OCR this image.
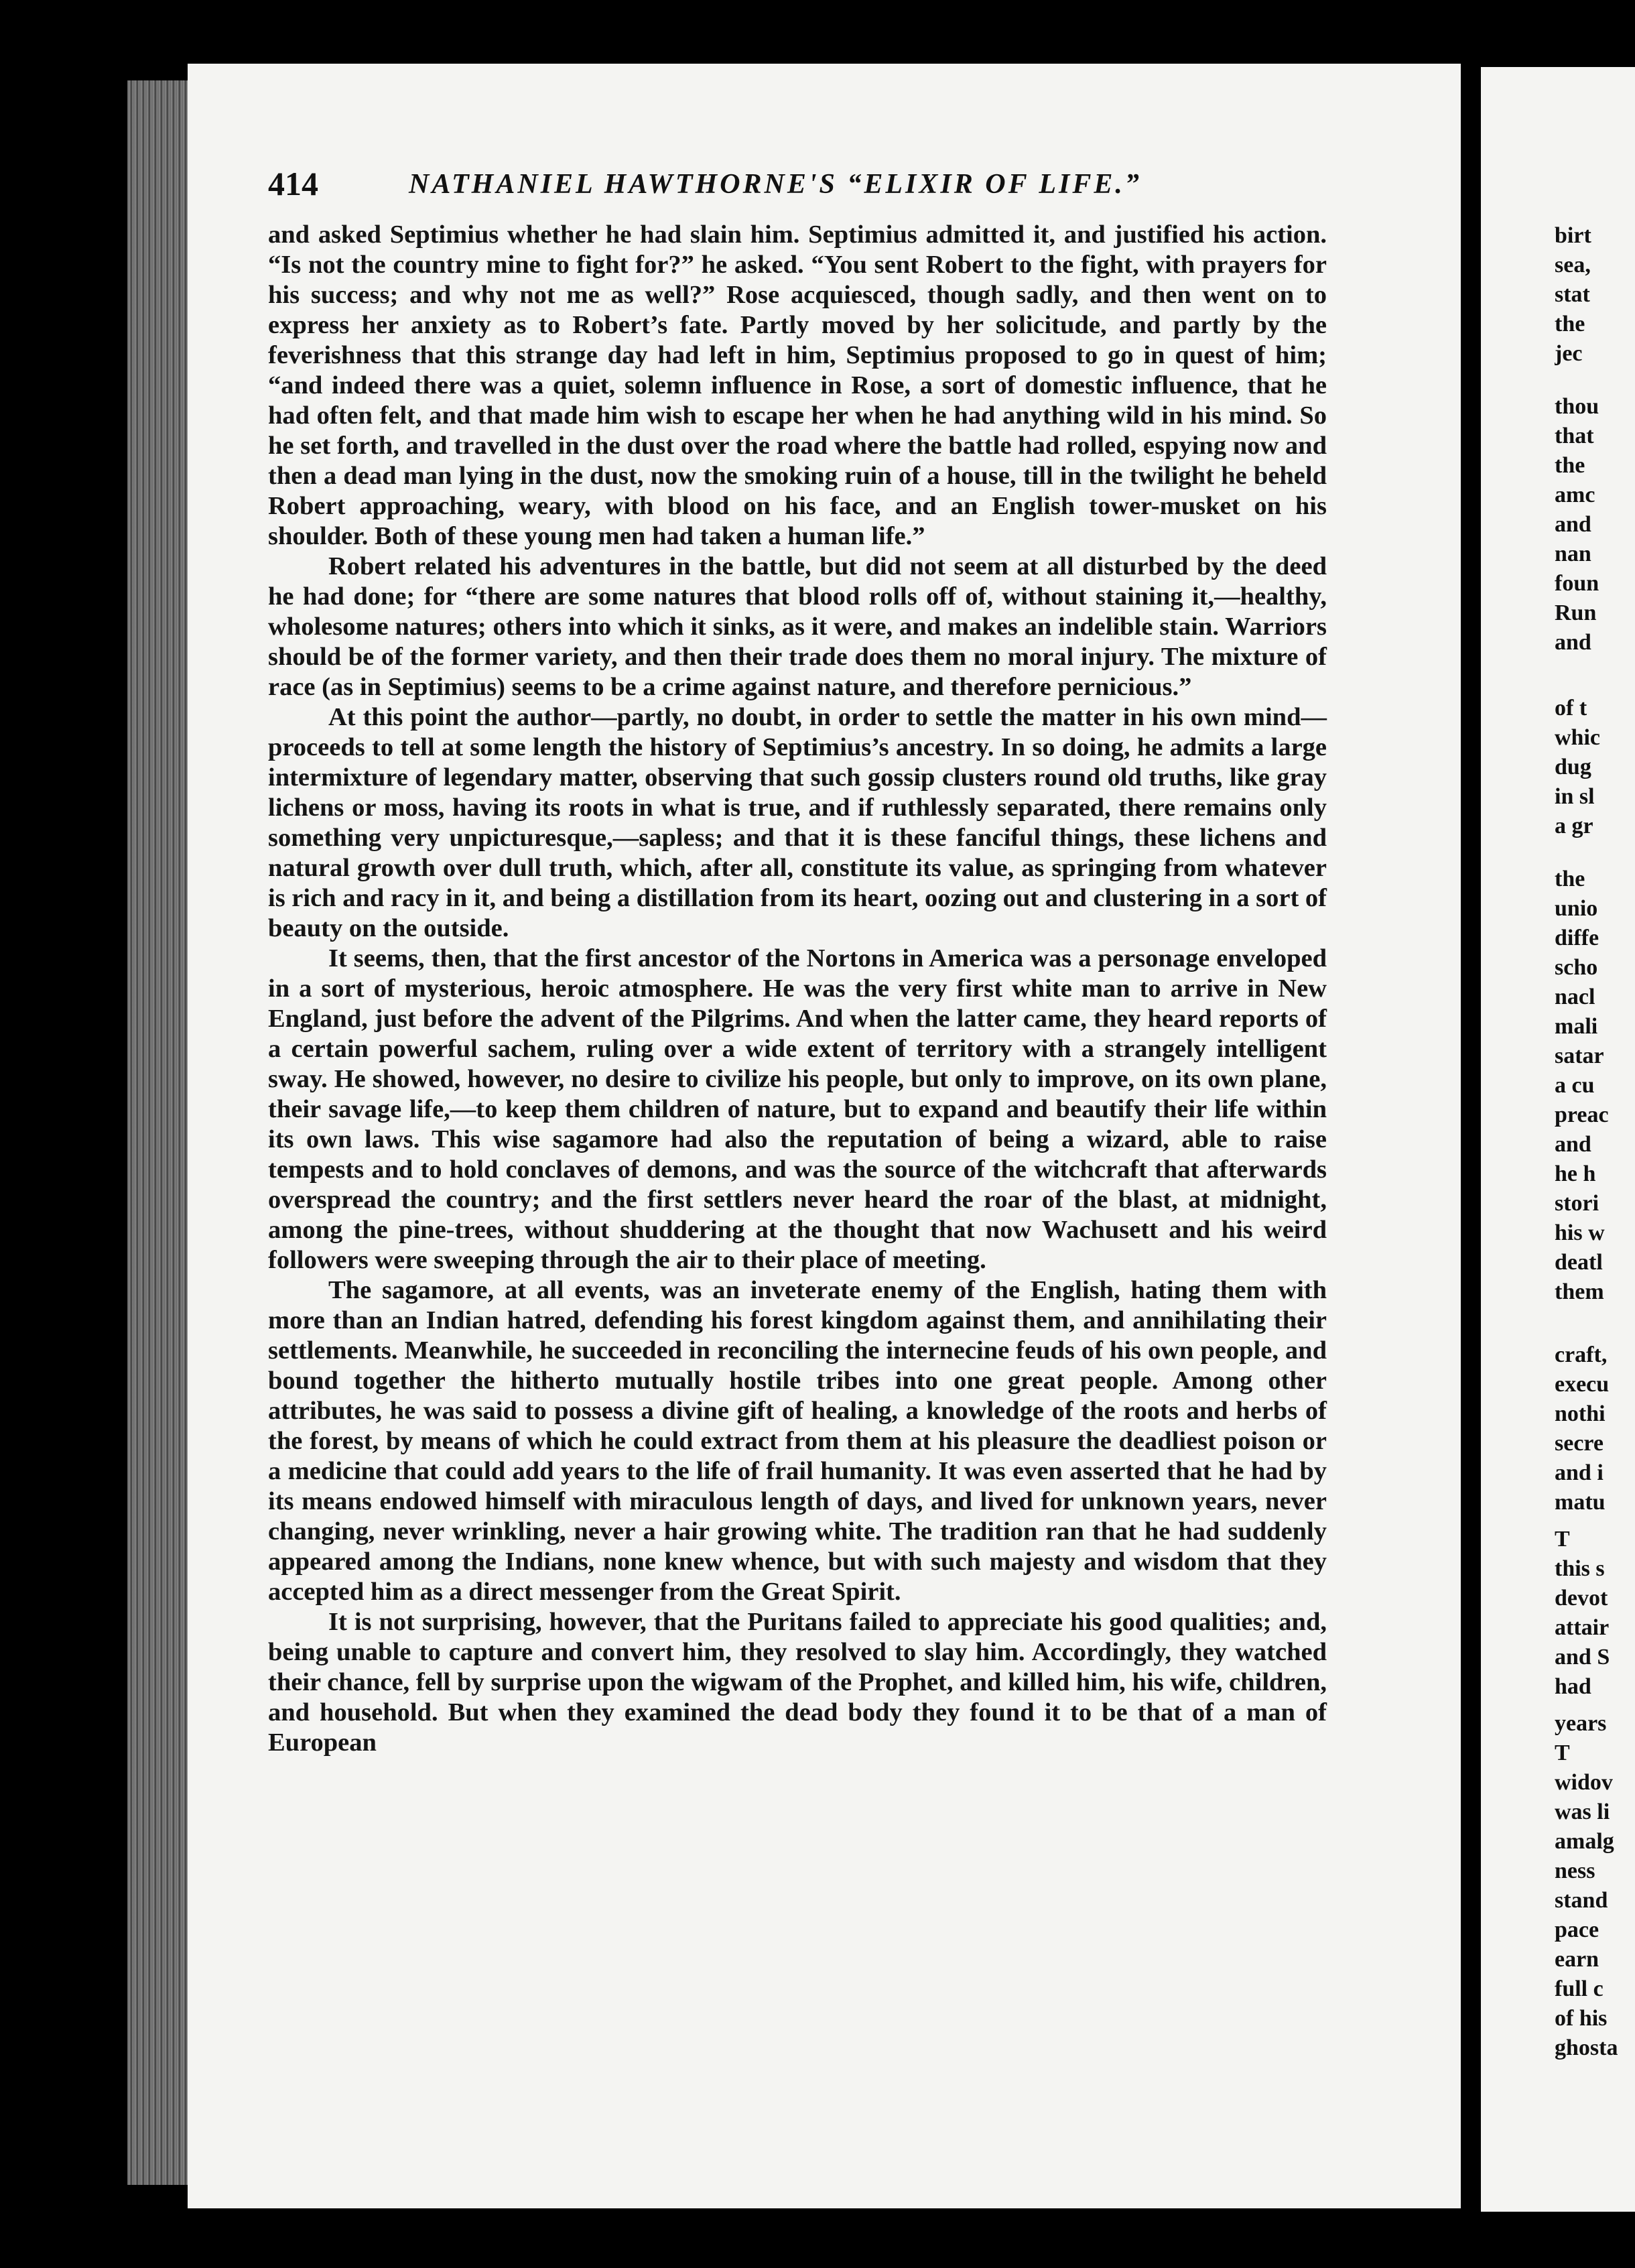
birt
sea,
stat
the
jec
thou
that
the
amc
and
nan
foun
Run
and
of t
whic
dug
in sl
a gr
the
unio
diffe
scho
nacl
mali
satar
a cu
preac
and
he h
stori
his w
deatl
them
craft,
execu
nothi
secre
and i
matu
T
this s
devot
attair
and S
had
years
T
widov
was li
amalg
ness
stand
pace
earn
full c
of his
ghosta
414	NATHANIEL HAWTHORNE'S “ELIXIR OF LIFE.”

and asked Septimius whether he had slain him. Septimius admitted it, and justified his action. “Is not the country mine to fight for?” he asked. “You sent Robert to the fight, with prayers for his success; and why not me as well?” Rose acquiesced, though sadly, and then went on to express her anxiety as to Robert’s fate. Partly moved by her solicitude, and partly by the feverishness that this strange day had left in him, Septimius proposed to go in quest of him; “and indeed there was a quiet, solemn influence in Rose, a sort of domestic influence, that he had often felt, and that made him wish to escape her when he had anything wild in his mind. So he set forth, and travelled in the dust over the road where the battle had rolled, espying now and then a dead man lying in the dust, now the smoking ruin of a house, till in the twilight he beheld Robert approaching, weary, with blood on his face, and an English tower-musket on his shoulder. Both of these young men had taken a human life.”

Robert related his adventures in the battle, but did not seem at all disturbed by the deed he had done; for “there are some natures that blood rolls off of, without staining it,—healthy, wholesome natures; others into which it sinks, as it were, and makes an indelible stain. Warriors should be of the former variety, and then their trade does them no moral injury. The mixture of race (as in Septimius) seems to be a crime against nature, and therefore pernicious.”

At this point the author—partly, no doubt, in order to settle the matter in his own mind—proceeds to tell at some length the history of Septimius’s ancestry. In so doing, he admits a large intermixture of legendary matter, observing that such gossip clusters round old truths, like gray lichens or moss, having its roots in what is true, and if ruthlessly separated, there remains only something very unpicturesque,—sapless; and that it is these fanciful things, these lichens and natural growth over dull truth, which, after all, constitute its value, as springing from whatever is rich and racy in it, and being a distillation from its heart, oozing out and clustering in a sort of beauty on the outside.

It seems, then, that the first ancestor of the Nortons in America was a personage enveloped in a sort of mysterious, heroic atmosphere. He was the very first white man to arrive in New England, just before the advent of the Pilgrims. And when the latter came, they heard reports of a certain powerful sachem, ruling over a wide extent of territory with a strangely intelligent sway. He showed, however, no desire to civilize his people, but only to improve, on its own plane, their savage life,—to keep them children of nature, but to expand and beautify their life within its own laws. This wise sagamore had also the reputation of being a wizard, able to raise tempests and to hold conclaves of demons, and was the source of the witchcraft that afterwards overspread the country; and the first settlers never heard the roar of the blast, at midnight, among the pine-trees, without shuddering at the thought that now Wachusett and his weird followers were sweeping through the air to their place of meeting.

The sagamore, at all events, was an inveterate enemy of the English, hating them with more than an Indian hatred, defending his forest kingdom against them, and annihilating their settlements. Meanwhile, he succeeded in reconciling the internecine feuds of his own people, and bound together the hitherto mutually hostile tribes into one great people. Among other attributes, he was said to possess a divine gift of healing, a knowledge of the roots and herbs of the forest, by means of which he could extract from them at his pleasure the deadliest poison or a medicine that could add years to the life of frail humanity. It was even asserted that he had by its means endowed himself with miraculous length of days, and lived for unknown years, never changing, never wrinkling, never a hair growing white. The tradition ran that he had suddenly appeared among the Indians, none knew whence, but with such majesty and wisdom that they accepted him as a direct messenger from the Great Spirit.

It is not surprising, however, that the Puritans failed to appreciate his good qualities; and, being unable to capture and convert him, they resolved to slay him. Accordingly, they watched their chance, fell by surprise upon the wigwam of the Prophet, and killed him, his wife, children, and household. But when they examined the dead body they found it to be that of a man of European
